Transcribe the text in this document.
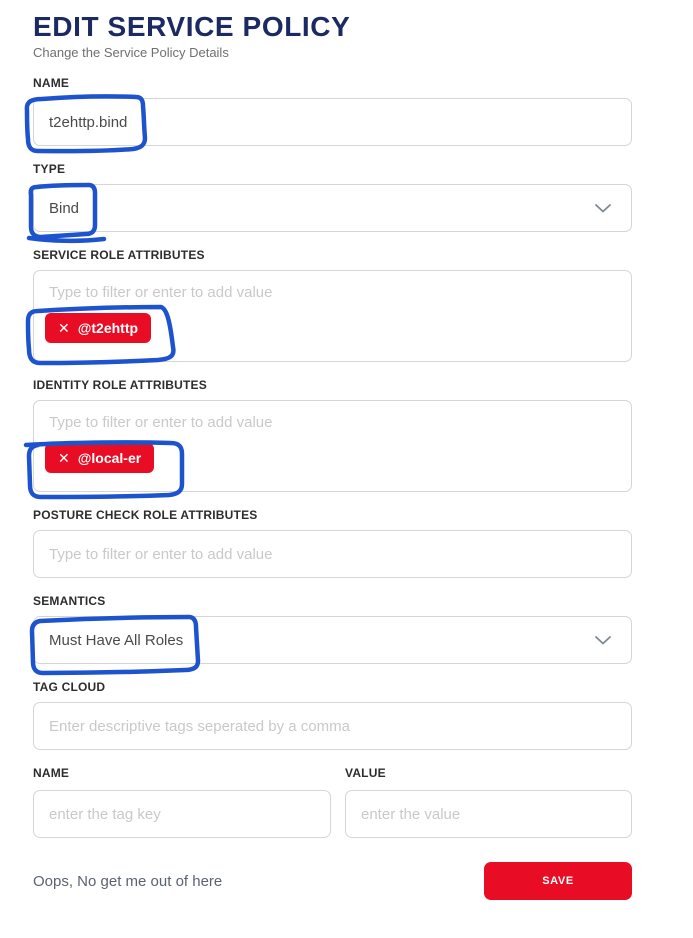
EDIT SERVICE POLICY
Change the Service Policy Details
NAME
t2ehttp.bind
TYPE
Bind
SERVICE ROLE ATTRIBUTES
Type to filter or enter to add value
✕ @t2ehttp
IDENTITY ROLE ATTRIBUTES
Type to filter or enter to add value
✕ @local-er
POSTURE CHECK ROLE ATTRIBUTES
Type to filter or enter to add value
SEMANTICS
Must Have All Roles
TAG CLOUD
Enter descriptive tags seperated by a comma
NAME
enter the tag key	VALUE
enter the value
Oops, No get me out of here	SAVE
